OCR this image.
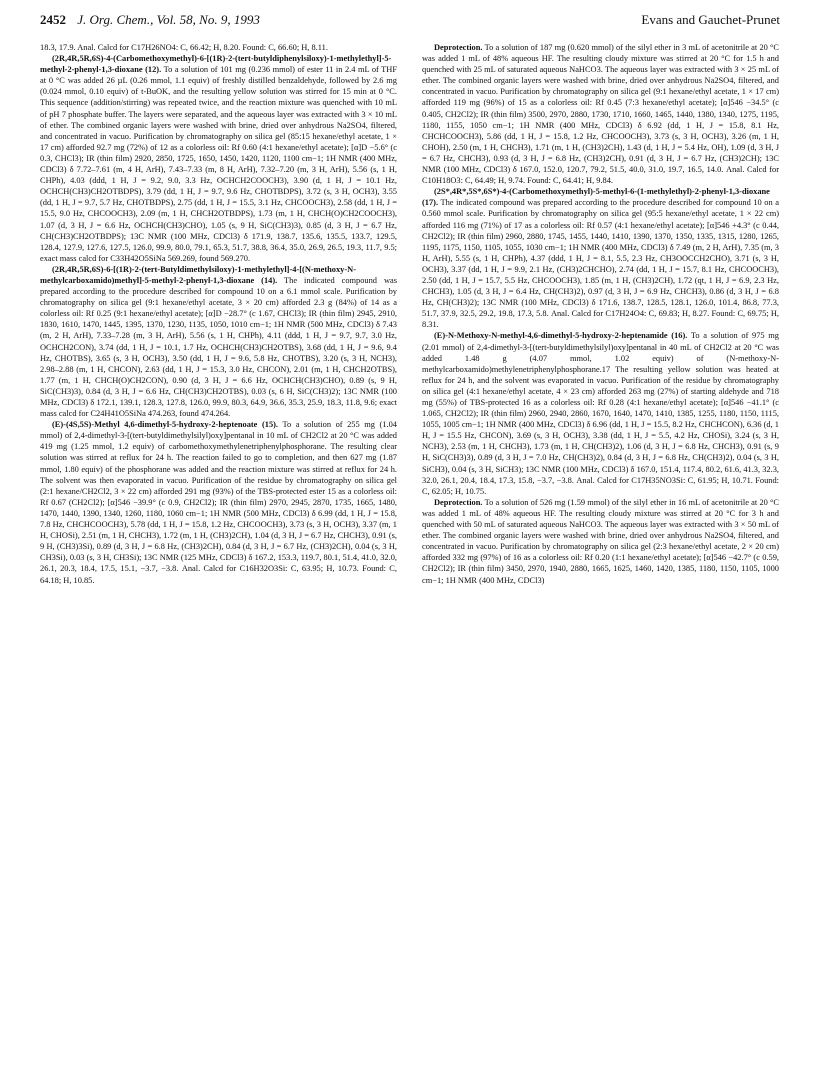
2452 J. Org. Chem., Vol. 58, No. 9, 1993	Evans and Gauchet-Prunet

18.3, 17.9. Anal. Calcd for C17H26NO4: C, 66.42; H, 8.20. Found: C, 66.60; H, 8.11.

(2R,4R,5R,6S)-4-(Carbomethoxymethyl)-6-[(1R)-2-(tert-butyldiphenylsiloxy)-1-methylethyl]-5-methyl-2-phenyl-1,3-dioxane (12). To a solution of 101 mg (0.236 mmol) of ester 11 in 2.4 mL of THF at 0 °C was added 26 µL (0.26 mmol, 1.1 equiv) of freshly distilled benzaldehyde, followed by 2.6 mg (0.024 mmol, 0.10 equiv) of t-BuOK, and the resulting yellow solution was stirred for 15 min at 0 °C. This sequence (addition/stirring) was repeated twice, and the reaction mixture was quenched with 10 mL of pH 7 phosphate buffer. The layers were separated, and the aqueous layer was extracted with 3 × 10 mL of ether. The combined organic layers were washed with brine, dried over anhydrous Na2SO4, filtered, and concentrated in vacuo. Purification by chromatography on silica gel (85:15 hexane/ethyl acetate, 1 × 17 cm) afforded 92.7 mg (72%) of 12 as a colorless oil: Rf 0.60 (4:1 hexane/ethyl acetate); [α]D −5.6° (c 0.3, CHCl3); IR (thin film) 2920, 2850, 1725, 1650, 1450, 1420, 1120, 1100 cm−1; 1H NMR (400 MHz, CDCl3) δ 7.72–7.61 (m, 4 H, ArH), 7.43–7.33 (m, 8 H, ArH), 7.32–7.20 (m, 3 H, ArH), 5.56 (s, 1 H, CHPh), 4.03 (ddd, 1 H, J = 9.2, 9.0, 3.3 Hz, OCHCH2COOCH3), 3.90 (d, 1 H, J = 10.1 Hz, OCHCH(CH3)CH2OTBDPS), 3.79 (dd, 1 H, J = 9.7, 9.6 Hz, CHOTBDPS), 3.72 (s, 3 H, OCH3), 3.55 (dd, 1 H, J = 9.7, 5.7 Hz, CHOTBDPS), 2.75 (dd, 1 H, J = 15.5, 3.1 Hz, CHCOOCH3), 2.58 (dd, 1 H, J = 15.5, 9.0 Hz, CHCOOCH3), 2.09 (m, 1 H, CHCH2OTBDPS), 1.73 (m, 1 H, CHCH(O)CH2COOCH3), 1.07 (d, 3 H, J = 6.6 Hz, OCHCH(CH3)CHO), 1.05 (s, 9 H, SiC(CH3)3), 0.85 (d, 3 H, J = 6.7 Hz, CH(CH3)CH2OTBDPS); 13C NMR (100 MHz, CDCl3) δ 171.9, 138.7, 135.6, 135.5, 133.7, 129.5, 128.4, 127.9, 127.6, 127.5, 126.0, 99.9, 80.0, 79.1, 65.3, 51.7, 38.8, 36.4, 35.0, 26.9, 26.5, 19.3, 11.7, 9.5; exact mass calcd for C33H42O5SiNa 569.269, found 569.270.

(2R,4R,5R,6S)-6-[(1R)-2-(tert-Butyldimethylsiloxy)-1-methylethyl]-4-[(N-methoxy-N-methylcarboxamido)methyl]-5-methyl-2-phenyl-1,3-dioxane (14). The indicated compound was prepared according to the procedure described for compound 10 on a 6.1 mmol scale. Purification by chromatography on silica gel (9:1 hexane/ethyl acetate, 3 × 20 cm) afforded 2.3 g (84%) of 14 as a colorless oil: Rf 0.25 (9:1 hexane/ethyl acetate); [α]D −28.7° (c 1.67, CHCl3); IR (thin film) 2945, 2910, 1830, 1610, 1470, 1445, 1395, 1370, 1230, 1135, 1050, 1010 cm−1; 1H NMR (500 MHz, CDCl3) δ 7.43 (m, 2 H, ArH), 7.33–7.28 (m, 3 H, ArH), 5.56 (s, 1 H, CHPh), 4.11 (ddd, 1 H, J = 9.7, 9.7, 3.0 Hz, OCHCH2CON), 3.74 (dd, 1 H, J = 10.1, 1.7 Hz, OCHCH(CH3)CH2OTBS), 3.68 (dd, 1 H, J = 9.6, 9.4 Hz, CHOTBS), 3.65 (s, 3 H, OCH3), 3.50 (dd, 1 H, J = 9.6, 5.8 Hz, CHOTBS), 3.20 (s, 3 H, NCH3), 2.98–2.88 (m, 1 H, CHCON), 2.63 (dd, 1 H, J = 15.3, 3.0 Hz, CHCON), 2.01 (m, 1 H, CHCH2OTBS), 1.77 (m, 1 H, CHCH(O)CH2CON), 0.90 (d, 3 H, J = 6.6 Hz, OCHCH(CH3)CHO), 0.89 (s, 9 H, SiC(CH3)3), 0.84 (d, 3 H, J = 6.6 Hz, CH(CH3)CH2OTBS), 0.03 (s, 6 H, SiC(CH3)2); 13C NMR (100 MHz, CDCl3) δ 172.1, 139.1, 128.3, 127.8, 126.0, 99.9, 80.3, 64.9, 36.6, 35.3, 25.9, 18.3, 11.8, 9.6; exact mass calcd for C24H41O5SiNa 474.263, found 474.264.

(E)-(4S,5S)-Methyl 4,6-dimethyl-5-hydroxy-2-heptenoate (15). To a solution of 255 mg (1.04 mmol) of 2,4-dimethyl-3-[(tert-butyldimethylsilyl)oxy]pentanal in 10 mL of CH2Cl2 at 20 °C was added 419 mg (1.25 mmol, 1.2 equiv) of carbomethoxymethylenetriphenylphosphorane. The resulting clear solution was stirred at reflux for 24 h. The reaction failed to go to completion, and then 627 mg (1.87 mmol, 1.80 equiv) of the phosphorane was added and the reaction mixture was stirred at reflux for 24 h. The solvent was then evaporated in vacuo. Purification of the residue by chromatography on silica gel (2:1 hexane/CH2Cl2, 3 × 22 cm) afforded 291 mg (93%) of the TBS-protected ester 15 as a colorless oil: Rf 0.67 (CH2Cl2); [α]546 −39.9° (c 0.9, CH2Cl2); IR (thin film) 2970, 2945, 2870, 1735, 1665, 1480, 1470, 1440, 1390, 1340, 1260, 1180, 1060 cm−1; 1H NMR (500 MHz, CDCl3) δ 6.99 (dd, 1 H, J = 15.8, 7.8 Hz, CHCHCOOCH3), 5.78 (dd, 1 H, J = 15.8, 1.2 Hz, CHCOOCH3), 3.73 (s, 3 H, OCH3), 3.37 (m, 1 H, CHOSi), 2.51 (m, 1 H, CHCH3), 1.72 (m, 1 H, (CH3)2CH), 1.04 (d, 3 H, J = 6.7 Hz, CHCH3), 0.91 (s, 9 H, (CH3)3Si), 0.89 (d, 3 H, J = 6.8 Hz, (CH3)2CH), 0.84 (d, 3 H, J = 6.7 Hz, (CH3)2CH), 0.04 (s, 3 H, CH3Si), 0.03 (s, 3 H, CH3Si); 13C NMR (125 MHz, CDCl3) δ 167.2, 153.3, 119.7, 80.1, 51.4, 41.0, 32.0, 26.1, 20.3, 18.4, 17.5, 15.1, −3.7, −3.8. Anal. Calcd for C16H32O3Si: C, 63.95; H, 10.73. Found: C, 64.18; H, 10.85.

Deprotection. To a solution of 187 mg (0.620 mmol) of the silyl ether in 3 mL of acetonitrile at 20 °C was added 1 mL of 48% aqueous HF. The resulting cloudy mixture was stirred at 20 °C for 1.5 h and quenched with 25 mL of saturated aqueous NaHCO3. The aqueous layer was extracted with 3 × 25 mL of ether. The combined organic layers were washed with brine, dried over anhydrous Na2SO4, filtered, and concentrated in vacuo. Purification by chromatography on silica gel (9:1 hexane/ethyl acetate, 1 × 17 cm) afforded 119 mg (96%) of 15 as a colorless oil: Rf 0.45 (7:3 hexane/ethyl acetate); [α]546 −34.5° (c 0.405, CH2Cl2); IR (thin film) 3500, 2970, 2880, 1730, 1710, 1660, 1465, 1440, 1380, 1340, 1275, 1195, 1180, 1155, 1050 cm−1; 1H NMR (400 MHz, CDCl3) δ 6.92 (dd, 1 H, J = 15.8, 8.1 Hz, CHCHCOOCH3), 5.86 (dd, 1 H, J = 15.8, 1.2 Hz, CHCOOCH3), 3.73 (s, 3 H, OCH3), 3.26 (m, 1 H, CHOH), 2.50 (m, 1 H, CHCH3), 1.71 (m, 1 H, (CH3)2CH), 1.43 (d, 1 H, J = 5.4 Hz, OH), 1.09 (d, 3 H, J = 6.7 Hz, CHCH3), 0.93 (d, 3 H, J = 6.8 Hz, (CH3)2CH), 0.91 (d, 3 H, J = 6.7 Hz, (CH3)2CH); 13C NMR (100 MHz, CDCl3) δ 167.0, 152.0, 120.7, 79.2, 51.5, 40.0, 31.0, 19.7, 16.5, 14.0. Anal. Calcd for C10H18O3: C, 64.49; H, 9.74. Found: C, 64.41; H, 9.84.

(2S*,4R*,5S*,6S*)-4-(Carbomethoxymethyl)-5-methyl-6-(1-methylethyl)-2-phenyl-1,3-dioxane (17). The indicated compound was prepared according to the procedure described for compound 10 on a 0.560 mmol scale. Purification by chromatography on silica gel (95:5 hexane/ethyl acetate, 1 × 22 cm) afforded 116 mg (71%) of 17 as a colorless oil: Rf 0.57 (4:1 hexane/ethyl acetate); [α]546 +4.3° (c 0.44, CH2Cl2); IR (thin film) 2960, 2880, 1745, 1455, 1440, 1410, 1390, 1370, 1350, 1335, 1315, 1280, 1265, 1195, 1175, 1150, 1105, 1055, 1030 cm−1; 1H NMR (400 MHz, CDCl3) δ 7.49 (m, 2 H, ArH), 7.35 (m, 3 H, ArH), 5.55 (s, 1 H, CHPh), 4.37 (ddd, 1 H, J = 8.1, 5.5, 2.3 Hz, CH3OOCCH2CHO), 3.71 (s, 3 H, OCH3), 3.37 (dd, 1 H, J = 9.9, 2.1 Hz, (CH3)2CHCHO), 2.74 (dd, 1 H, J = 15.7, 8.1 Hz, CHCOOCH3), 2.50 (dd, 1 H, J = 15.7, 5.5 Hz, CHCOOCH3), 1.85 (m, 1 H, (CH3)2CH), 1.72 (qt, 1 H, J = 6.9, 2.3 Hz, CHCH3), 1.05 (d, 3 H, J = 6.4 Hz, CH(CH3)2), 0.97 (d, 3 H, J = 6.9 Hz, CHCH3), 0.86 (d, 3 H, J = 6.8 Hz, CH(CH3)2); 13C NMR (100 MHz, CDCl3) δ 171.6, 138.7, 128.5, 128.1, 126.0, 101.4, 86.8, 77.3, 51.7, 37.9, 32.5, 29.2, 19.8, 17.3, 5.8. Anal. Calcd for C17H24O4: C, 69.83; H, 8.27. Found: C, 69.75; H, 8.31.

(E)-N-Methoxy-N-methyl-4,6-dimethyl-5-hydroxy-2-heptenamide (16). To a solution of 975 mg (2.01 mmol) of 2,4-dimethyl-3-[(tert-butyldimethylsilyl)oxy]pentanal in 40 mL of CH2Cl2 at 20 °C was added 1.48 g (4.07 mmol, 1.02 equiv) of (N-methoxy-N-methylcarboxamido)methylenetriphenylphosphorane.17 The resulting yellow solution was heated at reflux for 24 h, and the solvent was evaporated in vacuo. Purification of the residue by chromatography on silica gel (4:1 hexane/ethyl acetate, 4 × 23 cm) afforded 263 mg (27%) of starting aldehyde and 718 mg (55%) of TBS-protected 16 as a colorless oil: Rf 0.28 (4:1 hexane/ethyl acetate); [α]546 −41.1° (c 1.065, CH2Cl2); IR (thin film) 2960, 2940, 2860, 1670, 1640, 1470, 1410, 1385, 1255, 1180, 1150, 1115, 1055, 1005 cm−1; 1H NMR (400 MHz, CDCl3) δ 6.96 (dd, 1 H, J = 15.5, 8.2 Hz, CHCHCON), 6.36 (d, 1 H, J = 15.5 Hz, CHCON), 3.69 (s, 3 H, OCH3), 3.38 (dd, 1 H, J = 5.5, 4.2 Hz, CHOSi), 3.24 (s, 3 H, NCH3), 2.53 (m, 1 H, CHCH3), 1.73 (m, 1 H, CH(CH3)2), 1.06 (d, 3 H, J = 6.8 Hz, CHCH3), 0.91 (s, 9 H, SiC(CH3)3), 0.89 (d, 3 H, J = 7.0 Hz, CH(CH3)2), 0.84 (d, 3 H, J = 6.8 Hz, CH(CH3)2), 0.04 (s, 3 H, SiCH3), 0.04 (s, 3 H, SiCH3); 13C NMR (100 MHz, CDCl3) δ 167.0, 151.4, 117.4, 80.2, 61.6, 41.3, 32.3, 32.0, 26.1, 20.4, 18.4, 17.3, 15.8, −3.7, −3.8. Anal. Calcd for C17H35NO3Si: C, 61.95; H, 10.71. Found: C, 62.05; H, 10.75.

Deprotection. To a solution of 526 mg (1.59 mmol) of the silyl ether in 16 mL of acetonitrile at 20 °C was added 1 mL of 48% aqueous HF. The resulting cloudy mixture was stirred at 20 °C for 3 h and quenched with 50 mL of saturated aqueous NaHCO3. The aqueous layer was extracted with 3 × 50 mL of ether. The combined organic layers were washed with brine, dried over anhydrous Na2SO4, filtered, and concentrated in vacuo. Purification by chromatography on silica gel (2:3 hexane/ethyl acetate, 2 × 20 cm) afforded 332 mg (97%) of 16 as a colorless oil: Rf 0.20 (1:1 hexane/ethyl acetate); [α]546 −42.7° (c 0.59, CH2Cl2); IR (thin film) 3450, 2970, 1940, 2880, 1665, 1625, 1460, 1420, 1385, 1180, 1150, 1105, 1000 cm−1; 1H NMR (400 MHz, CDCl3)
